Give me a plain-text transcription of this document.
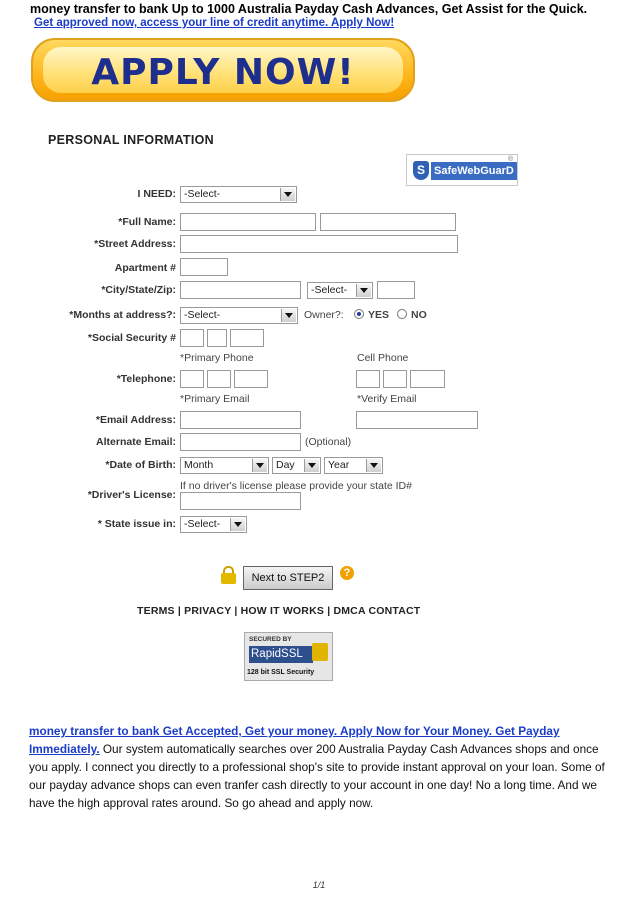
money transfer to bank Up to 1000 Australia Payday Cash Advances, Get Assist for the Quick.
Get approved now, access your line of credit anytime. Apply Now!
APPLY NOW!
PERSONAL INFORMATION
S SafeWebGuarD
®
I NEED: -Select-
*Full Name:
*Street Address:
Apartment #
*City/State/Zip:	-Select-
*Months at address?: -Select-	Owner?: YES NO
*Social Security #
*Primary Phone	Cell Phone
*Telephone:
*Primary Email	*Verify Email
*Email Address:
Alternate Email:	(Optional)
*Date of Birth: Month	Day	Year
If no driver's license please provide your state ID#
*Driver's License:
* State issue in: -Select-
Next to STEP2	?
TERMS | PRIVACY | HOW IT WORKS | DMCA CONTACT
SECURED BY
RapidSSL
128 bit SSL Security
money transfer to bank Get Accepted, Get your money. Apply Now for Your Money. Get Payday Immediately. Our system automatically searches over 200 Australia Payday Cash Advances shops and once you apply. I connect you directly to a professional shop's site to provide instant approval on your loan. Some of our payday advance shops can even tranfer cash directly to your account in one day! No a long time. And we have the high approval rates around. So go ahead and apply now.
1/1
